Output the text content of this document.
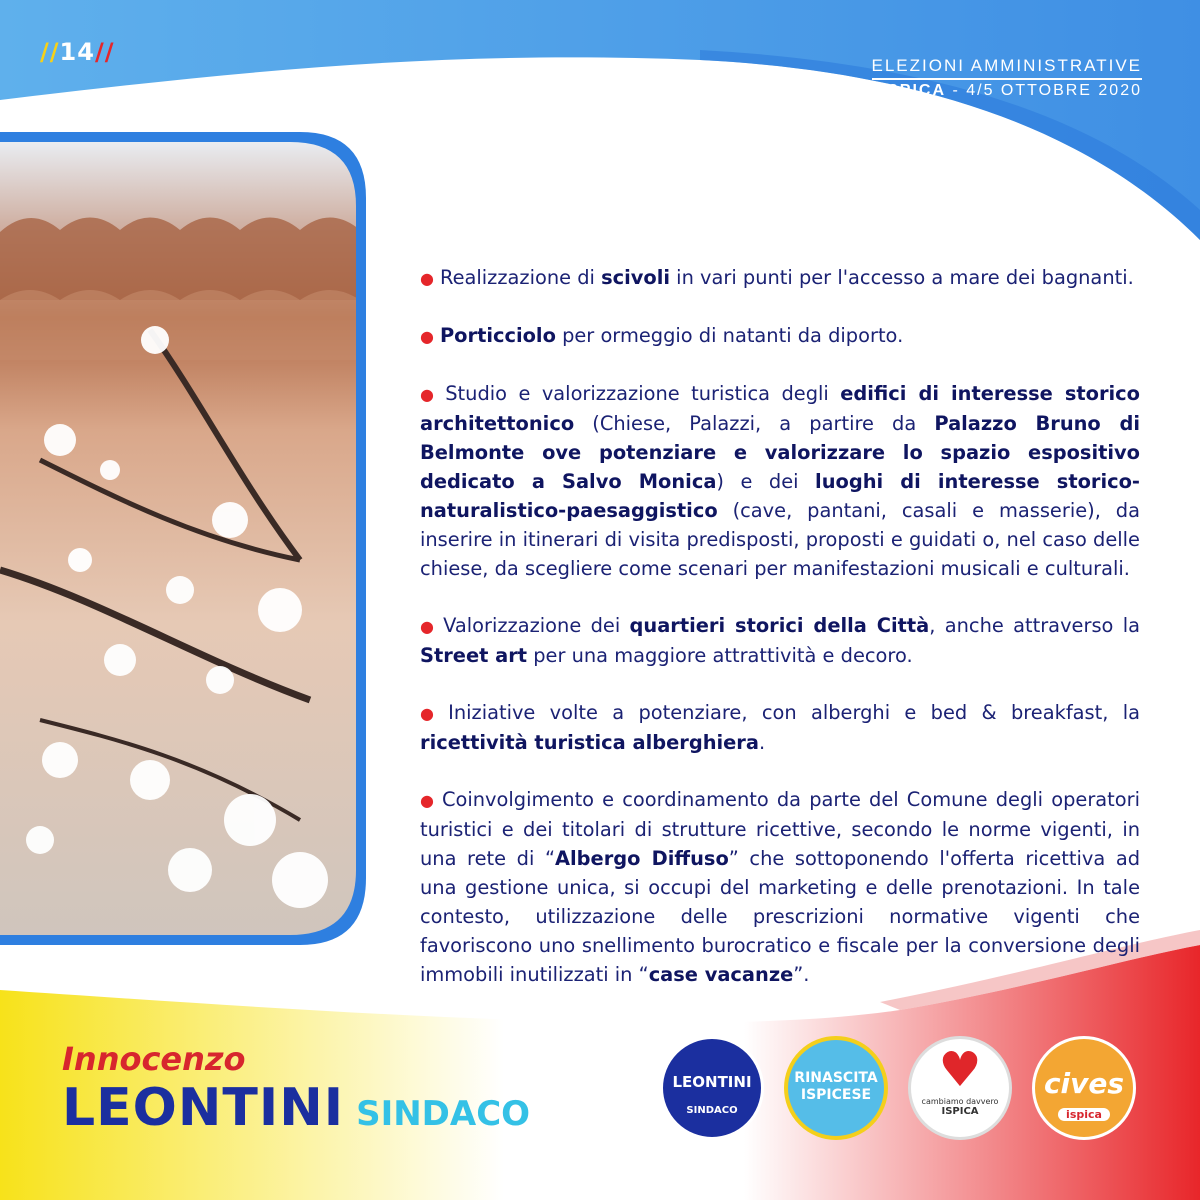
//14//	ELEZIONI AMMINISTRATIVE
ISPICA - 4/5 OTTOBRE 2020

● Realizzazione di scivoli in vari punti per l'accesso a mare dei bagnanti.

● Porticciolo per ormeggio di natanti da diporto.

● Studio e valorizzazione turistica degli edifici di interesse storico architettonico (Chiese, Palazzi, a partire da Palazzo Bruno di Belmonte ove potenziare e valorizzare lo spazio espositivo dedicato a Salvo Monica) e dei luoghi di interesse storico-naturalistico-paesaggistico (cave, pantani, casali e masserie), da inserire in itinerari di visita predisposti, proposti e guidati o, nel caso delle chiese, da scegliere come scenari per manifestazioni musicali e culturali.

● Valorizzazione dei quartieri storici della Città, anche attraverso la Street art per una maggiore attrattività e decoro.

● Iniziative volte a potenziare, con alberghi e bed & breakfast, la ricettività turistica alberghiera.

● Coinvolgimento e coordinamento da parte del Comune degli operatori turistici e dei titolari di strutture ricettive, secondo le norme vigenti, in una rete di “Albergo Diffuso” che sottoponendo l'offerta ricettiva ad una gestione unica, si occupi del marketing e delle prenotazioni. In tale contesto, utilizzazione delle prescrizioni normative vigenti che favoriscono uno snellimento burocratico e fiscale per la conversione degli immobili inutilizzati in “case vacanze”.

Innocenzo
LEONTINI SINDACO
LEONTINI
SINDACO
RINASCITA
ISPICESE	♥
cambiamo davvero
ISPICA
cives
ispica
